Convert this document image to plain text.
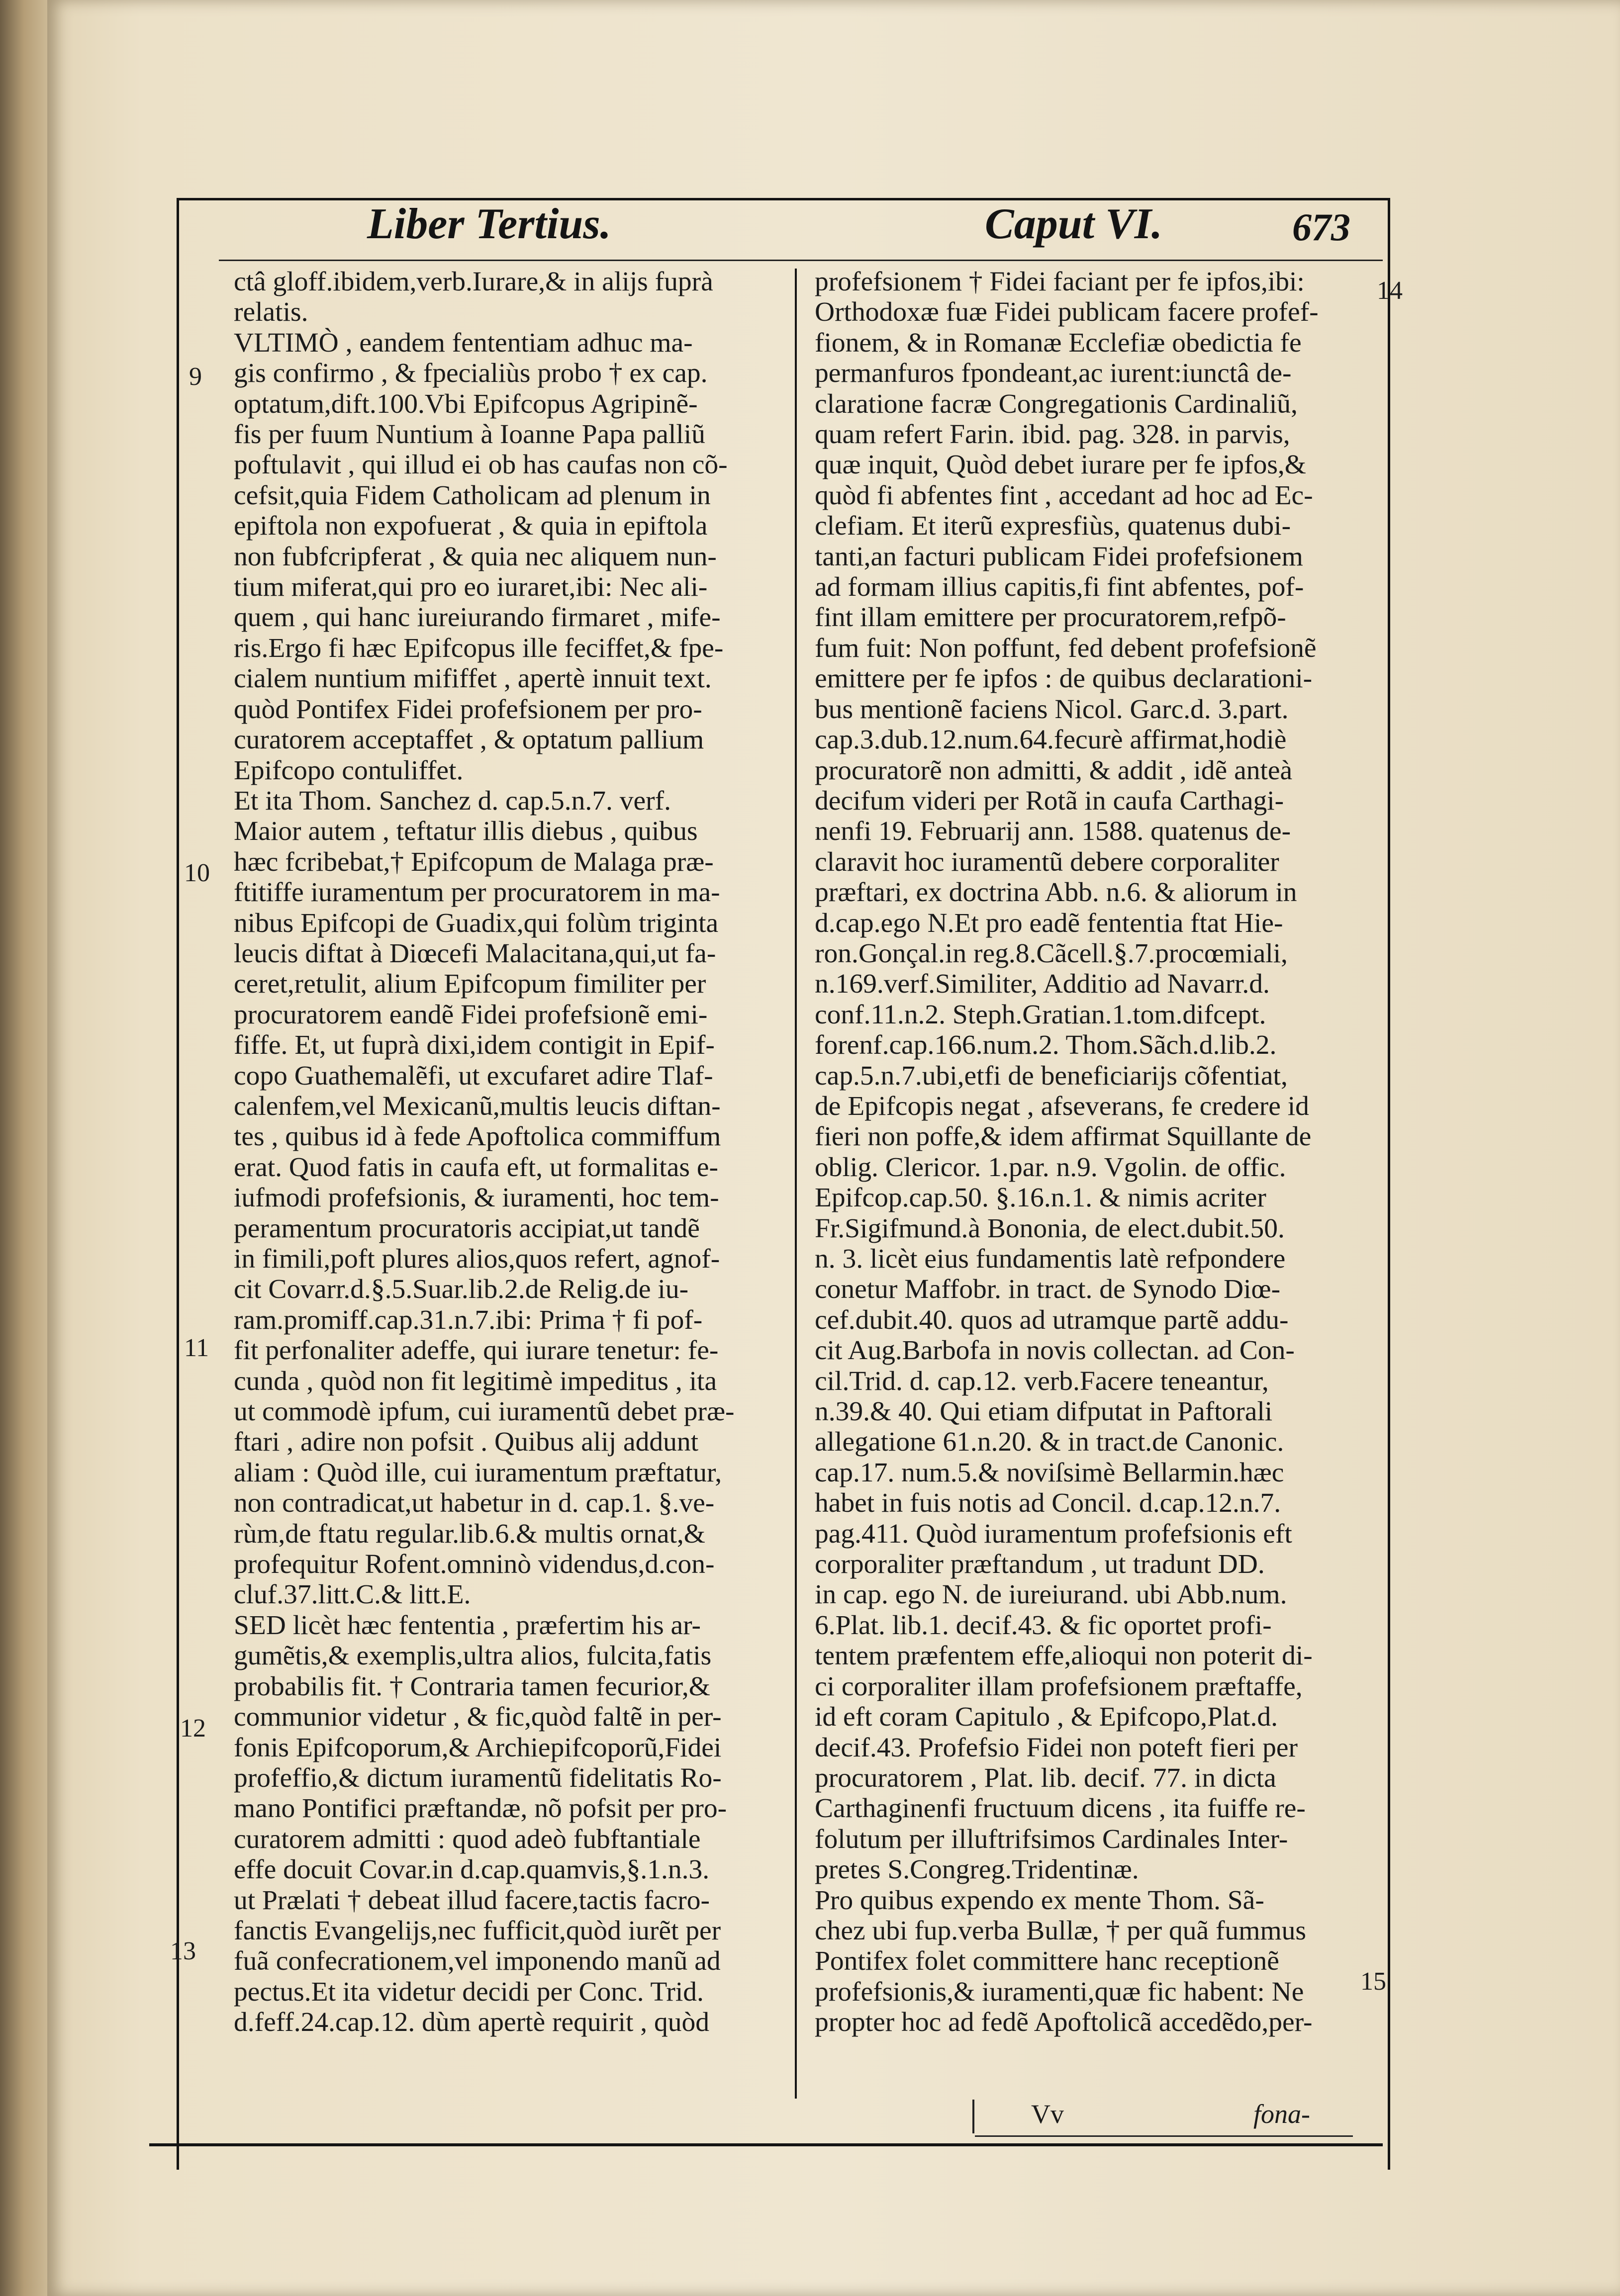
Liber Tertius.	Caput VI.	673
9
10
11
12
13
14
15
ctâ gloff.ibidem,verb.Iurare,& in alijs fuprà
relatis.
VLTIMÒ , eandem fententiam adhuc ma-
gis confirmo , & fpecialiùs probo † ex cap.
optatum,dift.100.Vbi Epifcopus Agripinẽ-
fis per fuum Nuntium à Ioanne Papa palliũ
poftulavit , qui illud ei ob has caufas non cõ-
cefsit,quia Fidem Catholicam ad plenum in
epiftola non expofuerat , & quia in epiftola
non fubfcripferat , & quia nec aliquem nun-
tium miferat,qui pro eo iuraret,ibi: Nec ali-
quem , qui hanc iureiurando firmaret , mife-
ris.Ergo fi hæc Epifcopus ille feciffet,& fpe-
cialem nuntium mififfet , apertè innuit text.
quòd Pontifex Fidei profefsionem per pro-
curatorem acceptaffet , & optatum pallium
Epifcopo contuliffet.
Et ita Thom. Sanchez d. cap.5.n.7. verf.
Maior autem , teftatur illis diebus , quibus
hæc fcribebat,† Epifcopum de Malaga præ-
ftitiffe iuramentum per procuratorem in ma-
nibus Epifcopi de Guadix,qui folùm triginta
leucis diftat à Diœcefi Malacitana,qui,ut fa-
ceret,retulit, alium Epifcopum fimiliter per
procuratorem eandẽ Fidei profefsionẽ emi-
fiffe. Et, ut fuprà dixi,idem contigit in Epif-
copo Guathemalẽfi, ut excufaret adire Tlaf-
calenfem,vel Mexicanũ,multis leucis diftan-
tes , quibus id à fede Apoftolica commiffum
erat. Quod fatis in caufa eft, ut formalitas e-
iufmodi profefsionis, & iuramenti, hoc tem-
peramentum procuratoris accipiat,ut tandẽ
in fimili,poft plures alios,quos refert, agnof-
cit Covarr.d.§.5.Suar.lib.2.de Relig.de iu-
ram.promiff.cap.31.n.7.ibi: Prima † fi pof-
fit perfonaliter adeffe, qui iurare tenetur: fe-
cunda , quòd non fit legitimè impeditus , ita
ut commodè ipfum, cui iuramentũ debet præ-
ftari , adire non pofsit . Quibus alij addunt
aliam : Quòd ille, cui iuramentum præftatur,
non contradicat,ut habetur in d. cap.1. §.ve-
rùm,de ftatu regular.lib.6.& multis ornat,&
profequitur Rofent.omninò videndus,d.con-
cluf.37.litt.C.& litt.E.
SED licèt hæc fententia , præfertim his ar-
gumẽtis,& exemplis,ultra alios, fulcita,fatis
probabilis fit. † Contraria tamen fecurior,&
communior videtur , & fic,quòd faltẽ in per-
fonis Epifcoporum,& Archiepifcoporũ,Fidei
profeffio,& dictum iuramentũ fidelitatis Ro-
mano Pontifici præftandæ, nõ pofsit per pro-
curatorem admitti : quod adeò fubftantiale
effe docuit Covar.in d.cap.quamvis,§.1.n.3.
ut Prælati † debeat illud facere,tactis facro-
fanctis Evangelijs,nec fufficit,quòd iurẽt per
fuã confecrationem,vel imponendo manũ ad
pectus.Et ita videtur decidi per Conc. Trid.
d.feff.24.cap.12. dùm apertè requirit , quòd
profefsionem † Fidei faciant per fe ipfos,ibi:
Orthodoxæ fuæ Fidei publicam facere profef-
fionem, & in Romanæ Ecclefiæ obedictia fe
permanfuros fpondeant,ac iurent:iunctâ de-
claratione facræ Congregationis Cardinaliũ,
quam refert Farin. ibid. pag. 328. in parvis,
quæ inquit, Quòd debet iurare per fe ipfos,&
quòd fi abfentes fint , accedant ad hoc ad Ec-
clefiam. Et iterũ expresfiùs, quatenus dubi-
tanti,an facturi publicam Fidei profefsionem
ad formam illius capitis,fi fint abfentes, pof-
fint illam emittere per procuratorem,refpõ-
fum fuit: Non poffunt, fed debent profefsionẽ
emittere per fe ipfos : de quibus declarationi-
bus mentionẽ faciens Nicol. Garc.d. 3.part.
cap.3.dub.12.num.64.fecurè affirmat,hodiè
procuratorẽ non admitti, & addit , idẽ anteà
decifum videri per Rotã in caufa Carthagi-
nenfi 19. Februarij ann. 1588. quatenus de-
claravit hoc iuramentũ debere corporaliter
præftari, ex doctrina Abb. n.6. & aliorum in
d.cap.ego N.Et pro eadẽ fententia ftat Hie-
ron.Gonçal.in reg.8.Cãcell.§.7.procœmiali,
n.169.verf.Similiter, Additio ad Navarr.d.
conf.11.n.2. Steph.Gratian.1.tom.difcept.
forenf.cap.166.num.2. Thom.Sãch.d.lib.2.
cap.5.n.7.ubi,etfi de beneficiarijs cõfentiat,
de Epifcopis negat , afseverans, fe credere id
fieri non poffe,& idem affirmat Squillante de
oblig. Clericor. 1.par. n.9. Vgolin. de offic.
Epifcop.cap.50. §.16.n.1. & nimis acriter
Fr.Sigifmund.à Bononia, de elect.dubit.50.
n. 3. licèt eius fundamentis latè refpondere
conetur Maffobr. in tract. de Synodo Diœ-
cef.dubit.40. quos ad utramque partẽ addu-
cit Aug.Barbofa in novis collectan. ad Con-
cil.Trid. d. cap.12. verb.Facere teneantur,
n.39.& 40. Qui etiam difputat in Paftorali
allegatione 61.n.20. & in tract.de Canonic.
cap.17. num.5.& noviſsimè Bellarmin.hæc
habet in fuis notis ad Concil. d.cap.12.n.7.
pag.411. Quòd iuramentum profefsionis eft
corporaliter præftandum , ut tradunt DD.
in cap. ego N. de iureiurand. ubi Abb.num.
6.Plat. lib.1. decif.43. & fic oportet profi-
tentem præfentem effe,alioqui non poterit di-
ci corporaliter illam profefsionem præftaffe,
id eft coram Capitulo , & Epifcopo,Plat.d.
decif.43. Profefsio Fidei non poteft fieri per
procuratorem , Plat. lib. decif. 77. in dicta
Carthaginenfi fructuum dicens , ita fuiffe re-
folutum per illuftrifsimos Cardinales Inter-
pretes S.Congreg.Tridentinæ.
Pro quibus expendo ex mente Thom. Sã-
chez ubi fup.verba Bullæ, † per quã fummus
Pontifex folet committere hanc receptionẽ
profefsionis,& iuramenti,quæ fic habent: Ne
propter hoc ad fedẽ Apoftolicã accedẽdo,per-
Vv	fona-
